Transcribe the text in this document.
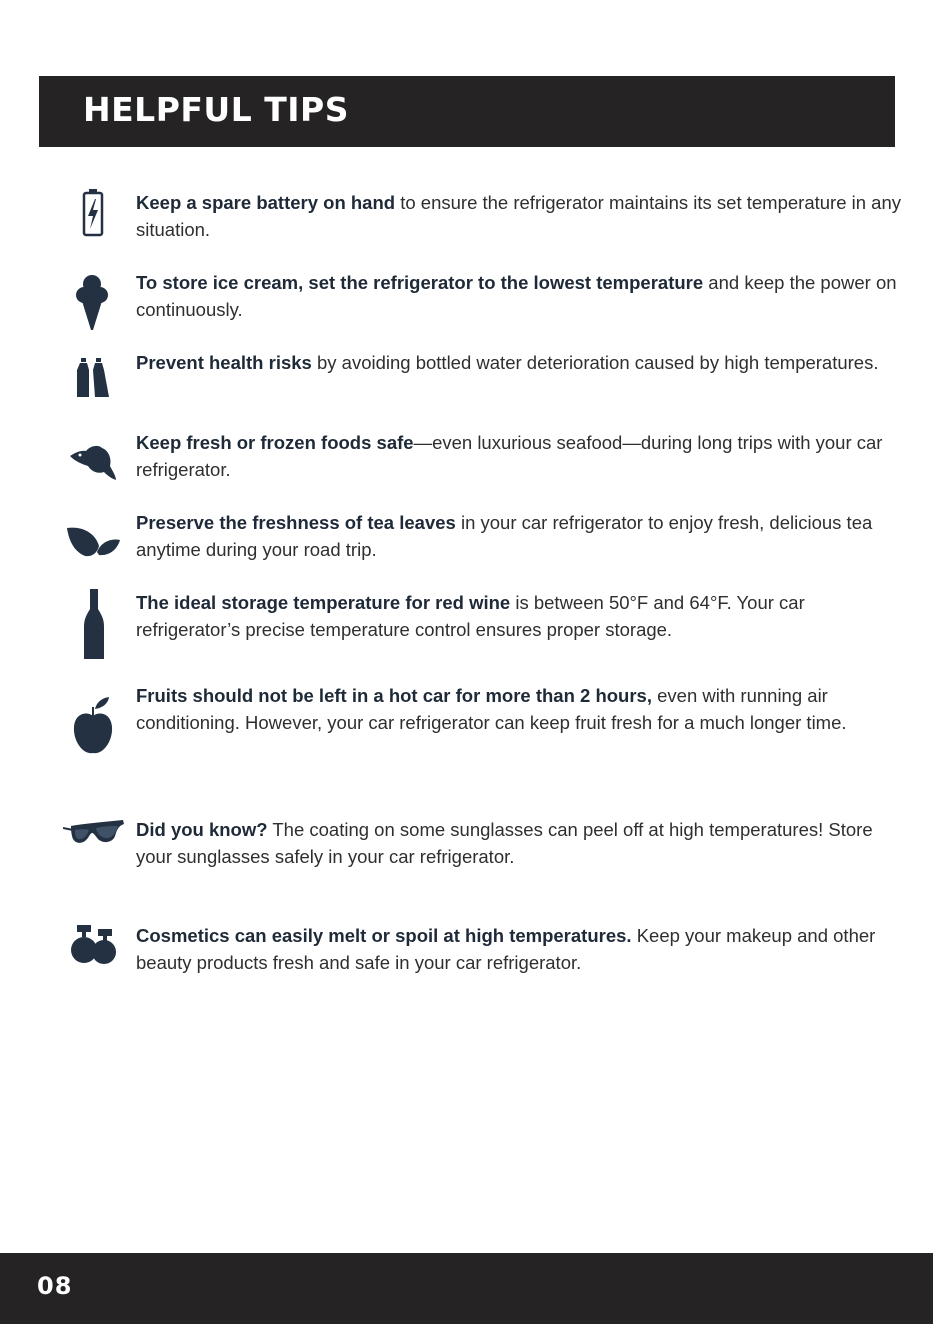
HELPFUL TIPS
Keep a spare battery on hand to ensure the refrigerator maintains its set temperature in any situation.
To store ice cream, set the refrigerator to the lowest temperature and keep the power on continuously.
Prevent health risks by avoiding bottled water deterioration caused by high temperatures.
Keep fresh or frozen foods safe—even luxurious seafood—during long trips with your car refrigerator.
Preserve the freshness of tea leaves in your car refrigerator to enjoy fresh, delicious tea anytime during your road trip.
The ideal storage temperature for red wine is between 50°F and 64°F. Your car refrigerator’s precise temperature control ensures proper storage.
Fruits should not be left in a hot car for more than 2 hours, even with running air conditioning. However, your car refrigerator can keep fruit fresh for a much longer time.
Did you know? The coating on some sunglasses can peel off at high temperatures! Store your sunglasses safely in your car refrigerator.
Cosmetics can easily melt or spoil at high temperatures. Keep your makeup and other beauty products fresh and safe in your car refrigerator.
08
